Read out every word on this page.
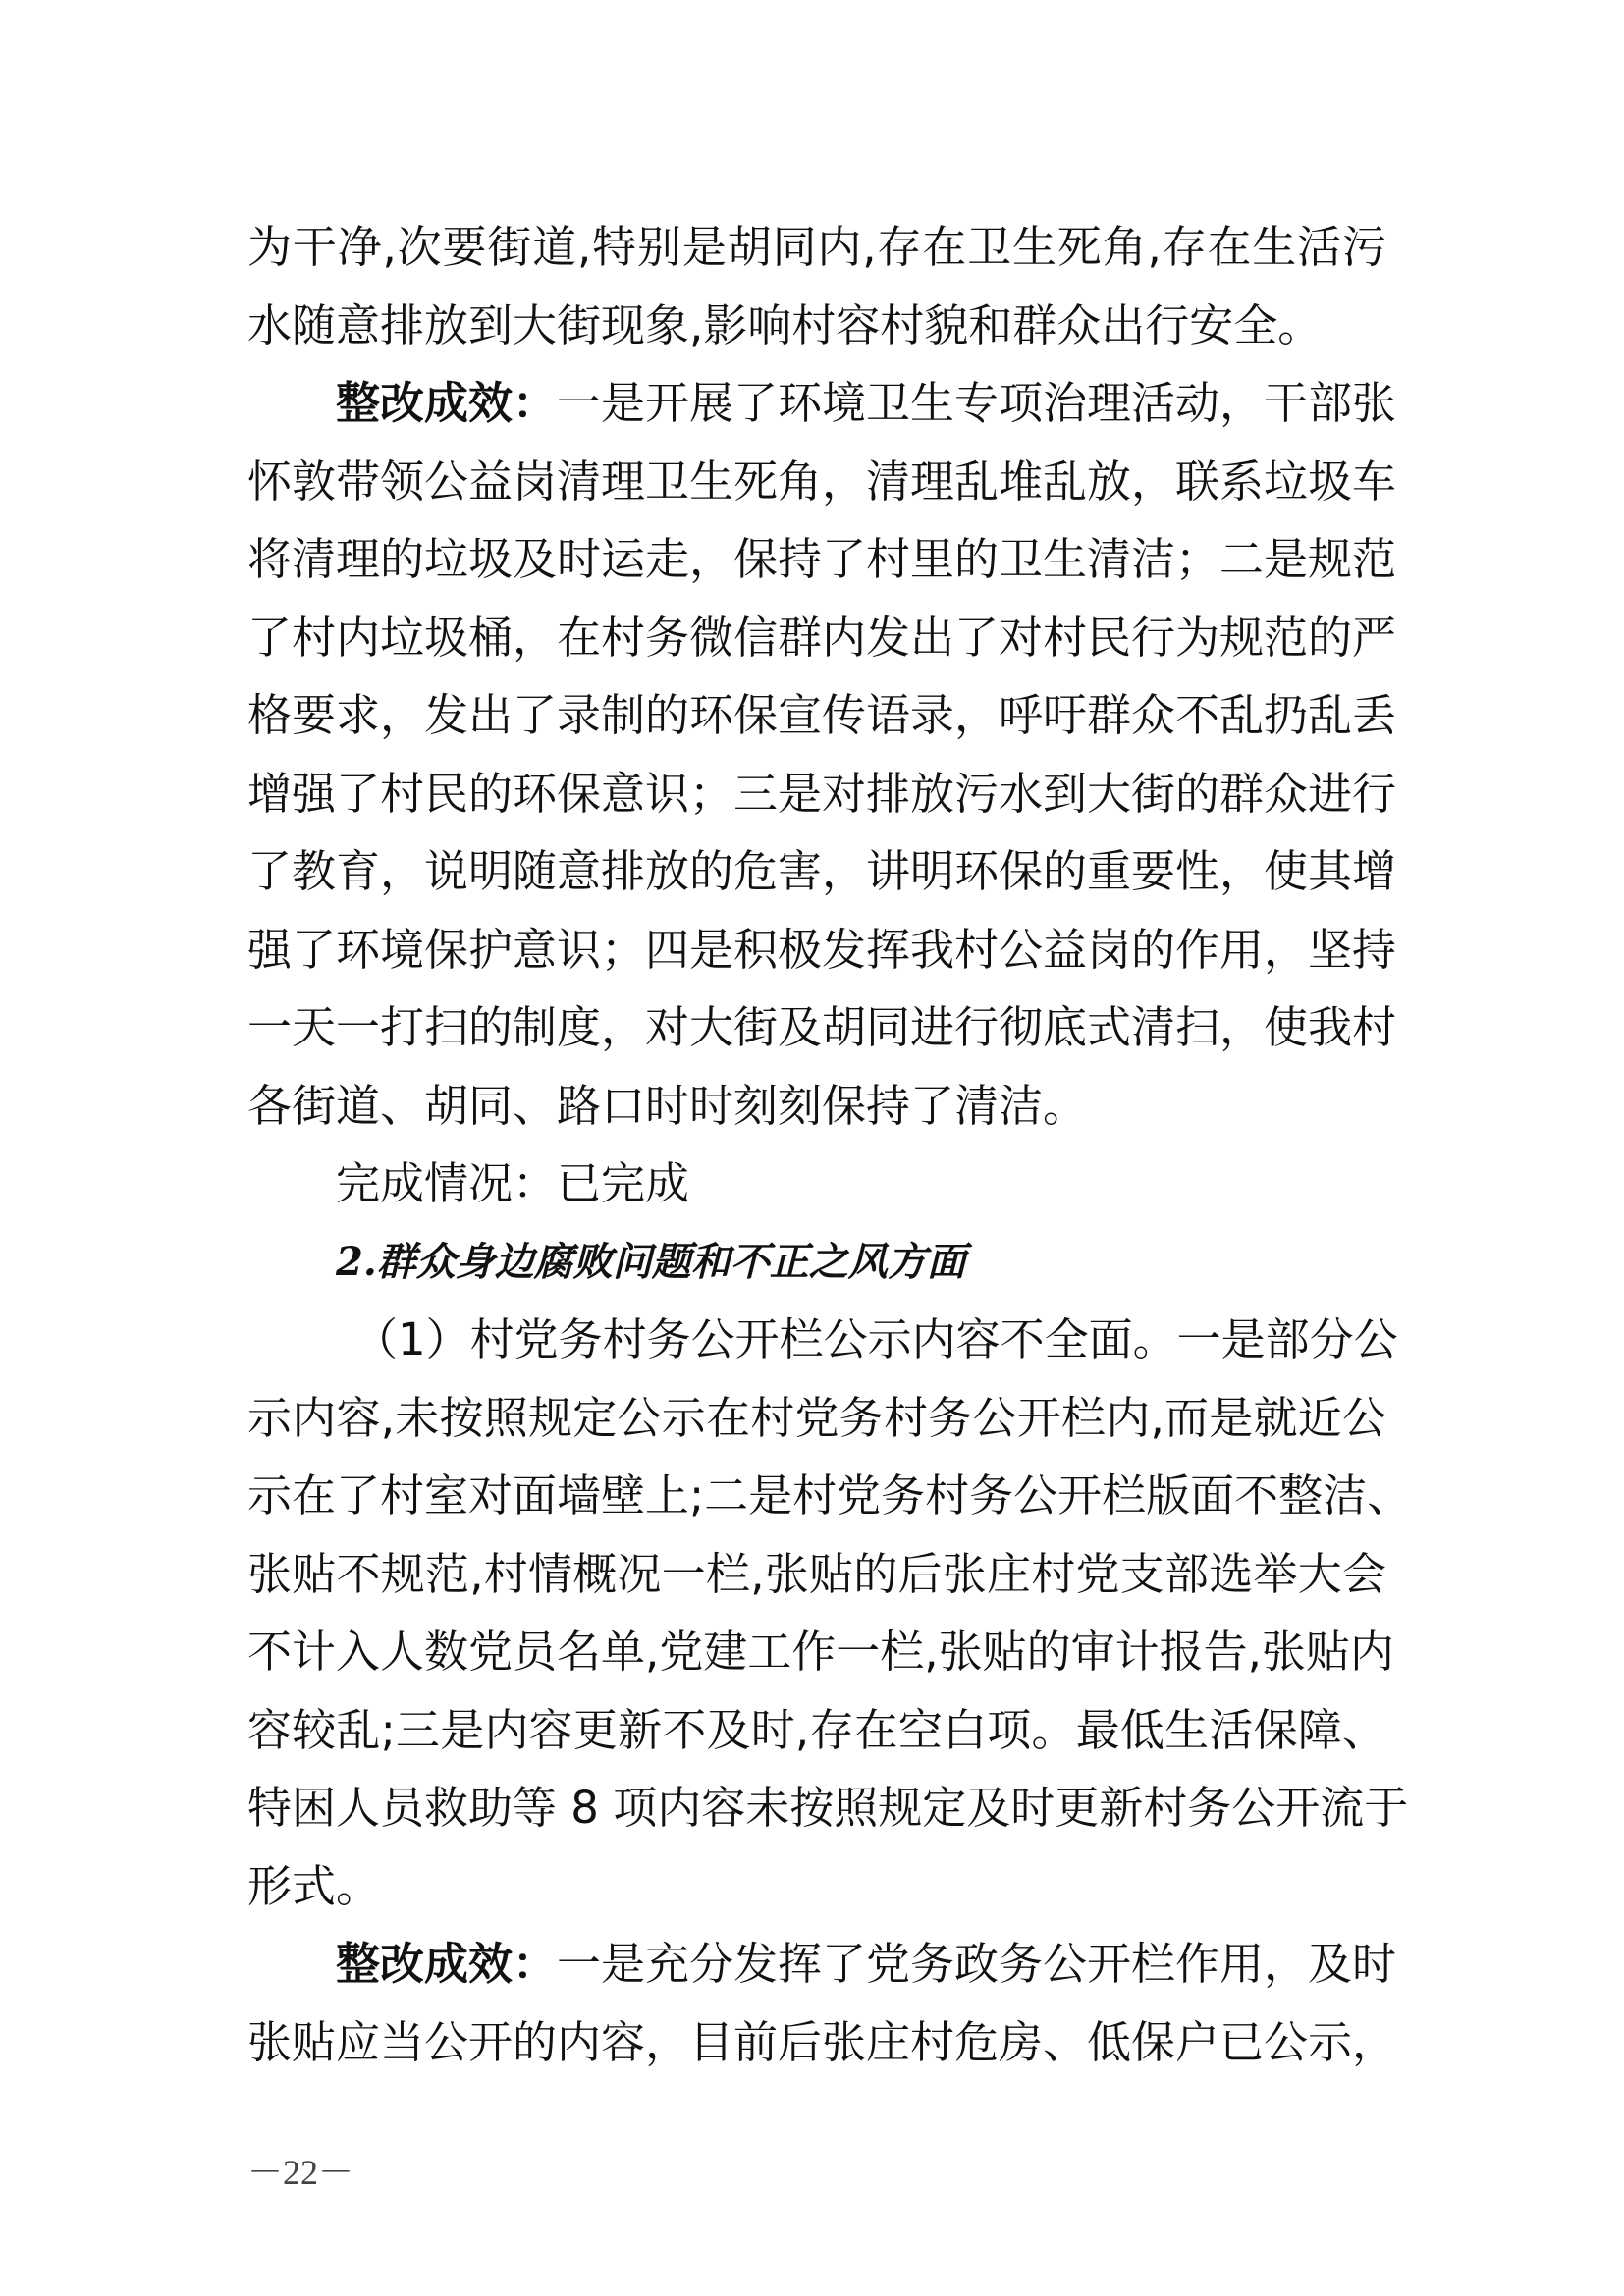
为干净,次要街道,特别是胡同内,存在卫生死角,存在生活污
水随意排放到大街现象,影响村容村貌和群众出行安全。
整改成效：一是开展了环境卫生专项治理活动，干部张
怀敦带领公益岗清理卫生死角，清理乱堆乱放，联系垃圾车
将清理的垃圾及时运走，保持了村里的卫生清洁；二是规范
了村内垃圾桶，在村务微信群内发出了对村民行为规范的严
格要求，发出了录制的环保宣传语录，呼吁群众不乱扔乱丢
增强了村民的环保意识；三是对排放污水到大街的群众进行
了教育，说明随意排放的危害，讲明环保的重要性，使其增
强了环境保护意识；四是积极发挥我村公益岗的作用，坚持
一天一打扫的制度，对大街及胡同进行彻底式清扫，使我村
各街道、胡同、路口时时刻刻保持了清洁。
完成情况：已完成
2.群众身边腐败问题和不正之风方面
（1）村党务村务公开栏公示内容不全面。一是部分公
示内容,未按照规定公示在村党务村务公开栏内,而是就近公
示在了村室对面墙壁上;二是村党务村务公开栏版面不整洁、
张贴不规范,村情概况一栏,张贴的后张庄村党支部选举大会
不计入人数党员名单,党建工作一栏,张贴的审计报告,张贴内
容较乱;三是内容更新不及时,存在空白项。最低生活保障、
特困人员救助等 8 项内容未按照规定及时更新村务公开流于
形式。
整改成效：一是充分发挥了党务政务公开栏作用，及时
张贴应当公开的内容，目前后张庄村危房、低保户已公示，
－22－
